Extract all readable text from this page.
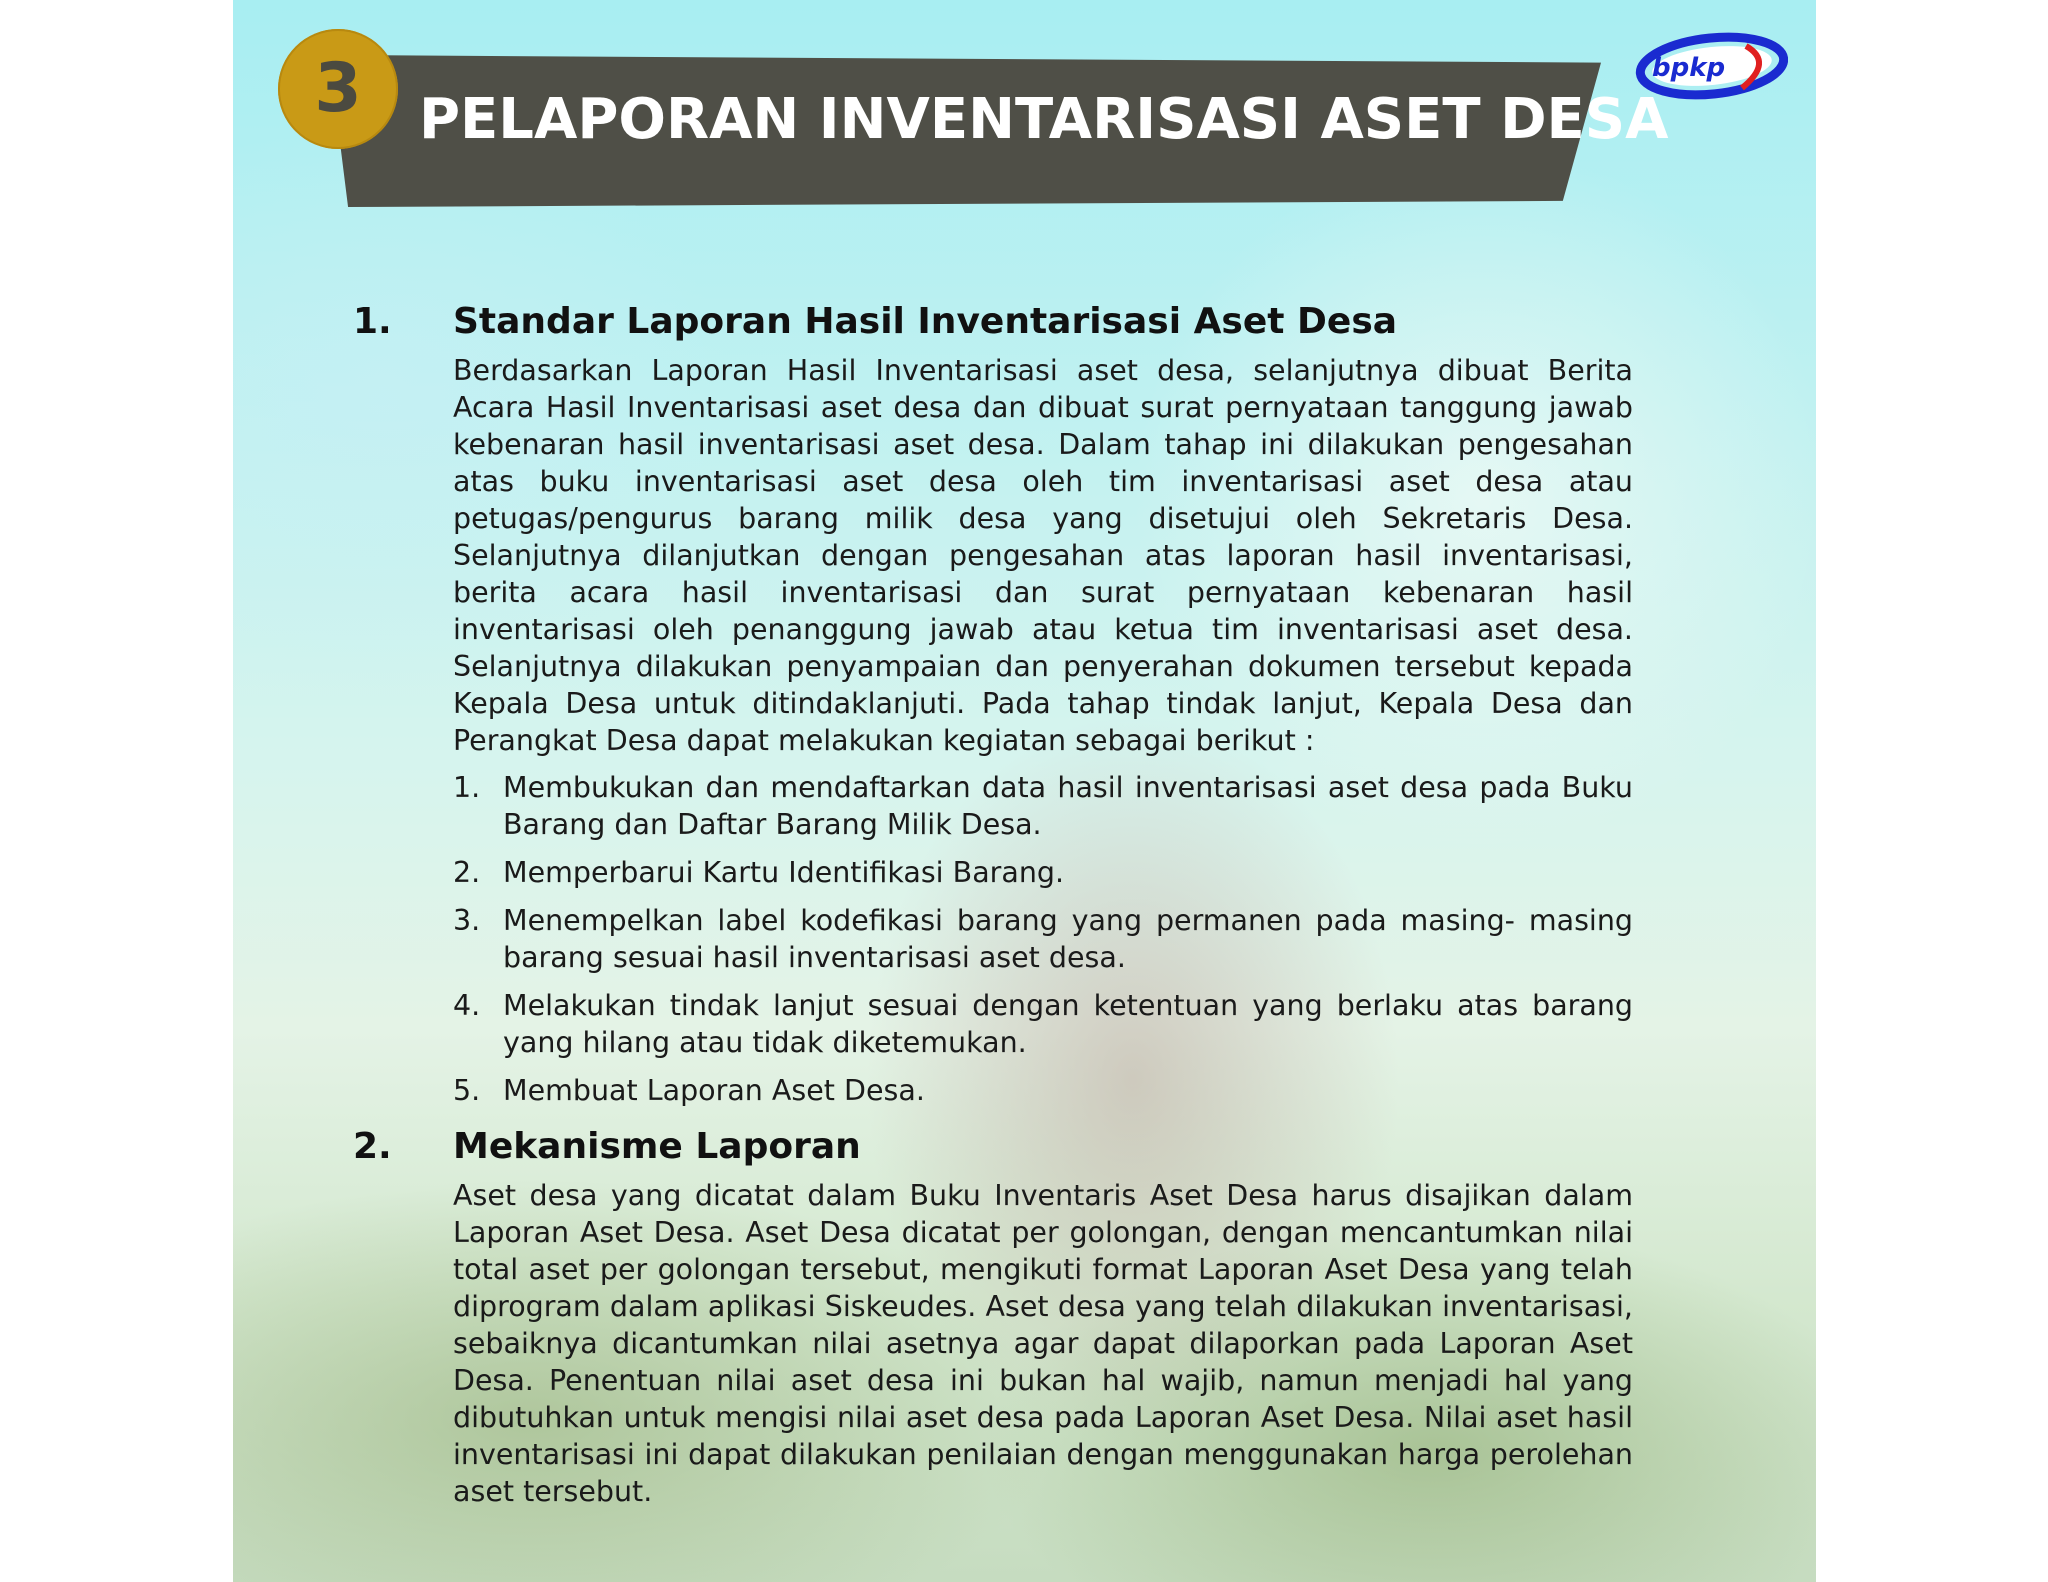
PELAPORAN INVENTARISASI ASET DESA
3	bpkp
1. Standar Laporan Hasil Inventarisasi Aset Desa

Berdasarkan Laporan Hasil Inventarisasi aset desa, selanjutnya dibuat Berita Acara Hasil Inventarisasi aset desa dan dibuat surat pernyataan tanggung jawab kebenaran hasil inventarisasi aset desa. Dalam tahap ini dilakukan pengesahan atas buku inventarisasi aset desa oleh tim inventarisasi aset desa atau petugas/pengurus barang milik desa yang disetujui oleh Sekretaris Desa. Selanjutnya dilanjutkan dengan pengesahan atas laporan hasil inventarisasi, berita acara hasil inventarisasi dan surat pernyataan kebenaran hasil inventarisasi oleh penanggung jawab atau ketua tim inventarisasi aset desa. Selanjutnya dilakukan penyampaian dan penyerahan dokumen tersebut kepada Kepala Desa untuk ditindaklanjuti. Pada tahap tindak lanjut, Kepala Desa dan Perangkat Desa dapat melakukan kegiatan sebagai berikut :

1. Membukukan dan mendaftarkan data hasil inventarisasi aset desa pada Buku Barang dan Daftar Barang Milik Desa.
2. Memperbarui Kartu Identifikasi Barang.
3. Menempelkan label kodefikasi barang yang permanen pada masing- masing barang sesuai hasil inventarisasi aset desa.
4. Melakukan tindak lanjut sesuai dengan ketentuan yang berlaku atas barang yang hilang atau tidak diketemukan.
5. Membuat Laporan Aset Desa.
2. Mekanisme Laporan

Aset desa yang dicatat dalam Buku Inventaris Aset Desa harus disajikan dalam Laporan Aset Desa. Aset Desa dicatat per golongan, dengan mencantumkan nilai total aset per golongan tersebut, mengikuti format Laporan Aset Desa yang telah diprogram dalam aplikasi Siskeudes. Aset desa yang telah dilakukan inventarisasi, sebaiknya dicantumkan nilai asetnya agar dapat dilaporkan pada Laporan Aset Desa. Penentuan nilai aset desa ini bukan hal wajib, namun menjadi hal yang dibutuhkan untuk mengisi nilai aset desa pada Laporan Aset Desa. Nilai aset hasil inventarisasi ini dapat dilakukan penilaian dengan menggunakan harga perolehan aset tersebut.
